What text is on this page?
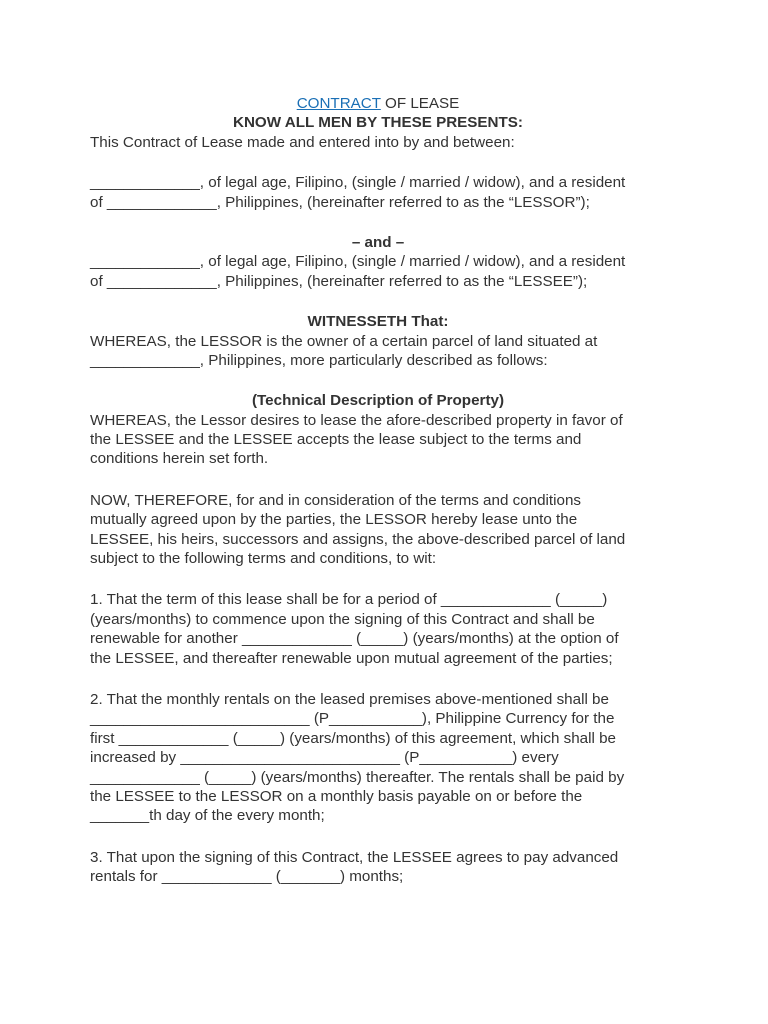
CONTRACT OF LEASE
KNOW ALL MEN BY THESE PRESENTS:
This Contract of Lease made and entered into by and between:
_____________, of legal age, Filipino, (single / married / widow), and a resident
of _____________, Philippines, (hereinafter referred to as the “LESSOR”);
– and –
_____________, of legal age, Filipino, (single / married / widow), and a resident
of _____________, Philippines, (hereinafter referred to as the “LESSEE”);
WITNESSETH That:
WHEREAS, the LESSOR is the owner of a certain parcel of land situated at
_____________, Philippines, more particularly described as follows:
(Technical Description of Property)
WHEREAS, the Lessor desires to lease the afore-described property in favor of
the LESSEE and the LESSEE accepts the lease subject to the terms and
conditions herein set forth.
NOW, THEREFORE, for and in consideration of the terms and conditions
mutually agreed upon by the parties, the LESSOR hereby lease unto the
LESSEE, his heirs, successors and assigns, the above-described parcel of land
subject to the following terms and conditions, to wit:
1. That the term of this lease shall be for a period of _____________ (_____)
(years/months) to commence upon the signing of this Contract and shall be
renewable for another _____________ (_____) (years/months) at the option of
the LESSEE, and thereafter renewable upon mutual agreement of the parties;
2. That the monthly rentals on the leased premises above-mentioned shall be
__________________________ (P___________), Philippine Currency for the
first _____________ (_____) (years/months) of this agreement, which shall be
increased by __________________________ (P___________) every
_____________ (_____) (years/months) thereafter. The rentals shall be paid by
the LESSEE to the LESSOR on a monthly basis payable on or before the
_______th day of the every month;
3. That upon the signing of this Contract, the LESSEE agrees to pay advanced
rentals for _____________ (_______) months;
